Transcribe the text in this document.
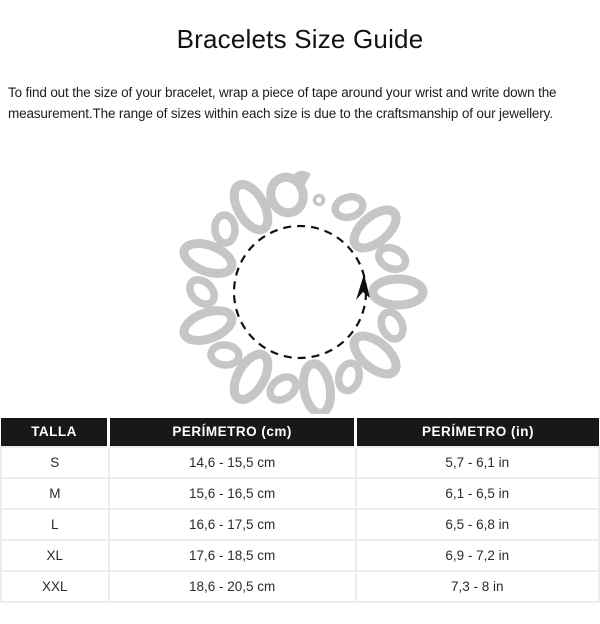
Bracelets Size Guide

To find out the size of your bracelet, wrap a piece of tape around your wrist and write down the
measurement.The range of sizes within each size is due to the craftsmanship of our jewellery.

TALLA	PERÍMETRO (cm)	PERÍMETRO (in)
S	14,6 - 15,5 cm	5,7 - 6,1 in
M	15,6 - 16,5 cm	6,1 - 6,5 in
L	16,6 - 17,5 cm	6,5 - 6,8 in
XL	17,6 - 18,5 cm	6,9 - 7,2 in
XXL	18,6 - 20,5 cm	7,3 - 8 in
